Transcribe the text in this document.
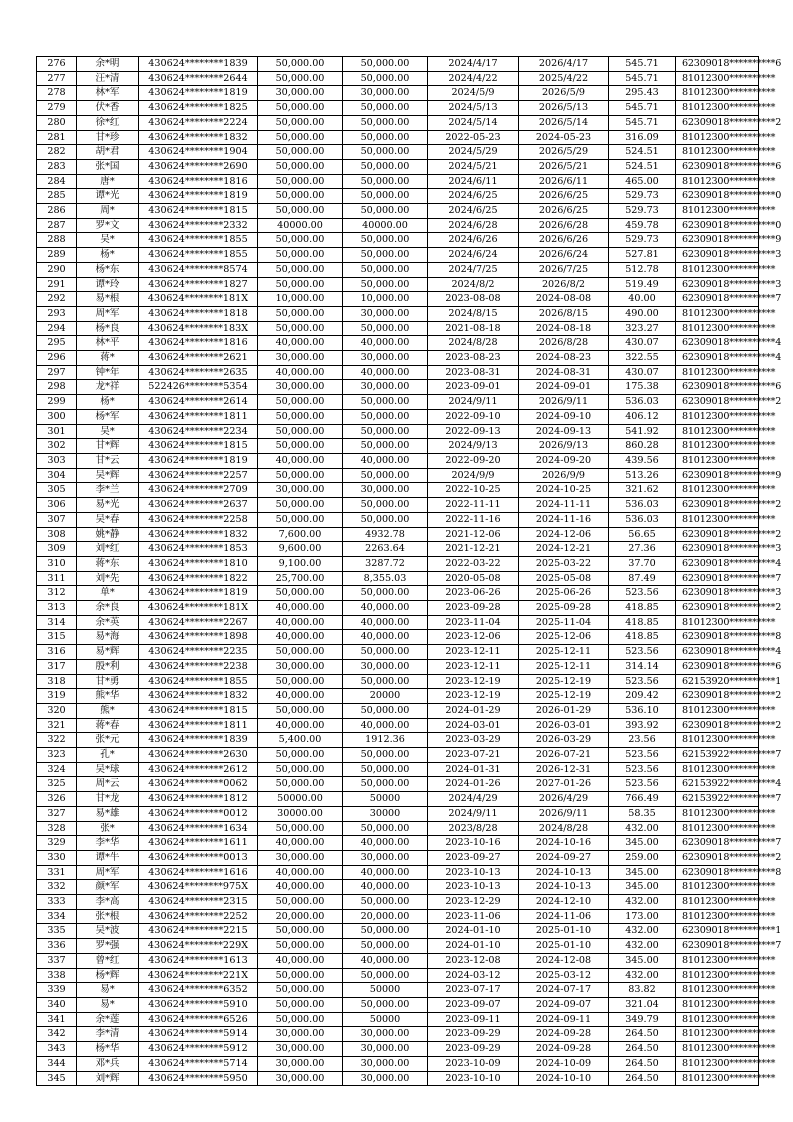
276	余*明	430624********1839	50,000.00	50,000.00	2024/4/17	2026/4/17	545.71	62309018**********6
277	汪*清	430624********2644	50,000.00	50,000.00	2024/4/22	2025/4/22	545.71	81012300**********
278	林*军	430624********1819	30,000.00	30,000.00	2024/5/9	2026/5/9	295.43	81012300**********
279	伏*香	430624********1825	50,000.00	50,000.00	2024/5/13	2026/5/13	545.71	81012300**********
280	徐*红	430624********2224	50,000.00	50,000.00	2024/5/14	2026/5/14	545.71	62309018**********2
281	甘*珍	430624********1832	50,000.00	50,000.00	2022-05-23	2024-05-23	316.09	81012300**********
282	胡*君	430624********1904	50,000.00	50,000.00	2024/5/29	2026/5/29	524.51	81012300**********
283	张*国	430624********2690	50,000.00	50,000.00	2024/5/21	2026/5/21	524.51	62309018**********6
284	唐*	430624********1816	50,000.00	50,000.00	2024/6/11	2026/6/11	465.00	81012300**********
285	谭*光	430624********1819	50,000.00	50,000.00	2024/6/25	2026/6/25	529.73	62309018**********0
286	周*	430624********1815	50,000.00	50,000.00	2024/6/25	2026/6/25	529.73	81012300**********
287	罗*文	430624********2332	40000.00	40000.00	2024/6/28	2026/6/28	459.78	62309018**********0
288	吴*	430624********1855	50,000.00	50,000.00	2024/6/26	2026/6/26	529.73	62309018**********9
289	杨*	430624********1855	50,000.00	50,000.00	2024/6/24	2026/6/24	527.81	62309018**********3
290	杨*东	430624********8574	50,000.00	50,000.00	2024/7/25	2026/7/25	512.78	81012300**********
291	谭*玲	430624********1827	50,000.00	50,000.00	2024/8/2	2026/8/2	519.49	62309018**********3
292	易*根	430624********181X	10,000.00	10,000.00	2023-08-08	2024-08-08	40.00	62309018**********7
293	周*军	430624********1818	50,000.00	30,000.00	2024/8/15	2026/8/15	490.00	81012300**********
294	杨*良	430624********183X	50,000.00	50,000.00	2021-08-18	2024-08-18	323.27	81012300**********
295	林*平	430624********1816	40,000.00	40,000.00	2024/8/28	2026/8/28	430.07	62309018**********4
296	蒋*	430624********2621	30,000.00	30,000.00	2023-08-23	2024-08-23	322.55	62309018**********4
297	钟*年	430624********2635	40,000.00	40,000.00	2023-08-31	2024-08-31	430.07	81012300**********
298	龙*祥	522426********5354	30,000.00	30,000.00	2023-09-01	2024-09-01	175.38	62309018**********6
299	杨*	430624********2614	50,000.00	50,000.00	2024/9/11	2026/9/11	536.03	62309018**********2
300	杨*军	430624********1811	50,000.00	50,000.00	2022-09-10	2024-09-10	406.12	81012300**********
301	吴*	430624********2234	50,000.00	50,000.00	2022-09-13	2024-09-13	541.92	81012300**********
302	甘*辉	430624********1815	50,000.00	50,000.00	2024/9/13	2026/9/13	860.28	81012300**********
303	甘*云	430624********1819	40,000.00	40,000.00	2022-09-20	2024-09-20	439.56	81012300**********
304	吴*辉	430624********2257	50,000.00	50,000.00	2024/9/9	2026/9/9	513.26	62309018**********9
305	李*兰	430624********2709	30,000.00	30,000.00	2022-10-25	2024-10-25	321.62	81012300**********
306	易*光	430624********2637	50,000.00	50,000.00	2022-11-11	2024-11-11	536.03	62309018**********2
307	吴*春	430624********2258	50,000.00	50,000.00	2022-11-16	2024-11-16	536.03	81012300**********
308	姚*静	430624********1832	7,600.00	4932.78	2021-12-06	2024-12-06	56.65	62309018**********2
309	刘*红	430624********1853	9,600.00	2263.64	2021-12-21	2024-12-21	27.36	62309018**********3
310	蒋*东	430624********1810	9,100.00	3287.72	2022-03-22	2025-03-22	37.70	62309018**********4
311	刘*先	430624********1822	25,700.00	8,355.03	2020-05-08	2025-05-08	87.49	62309018**********7
312	单*	430624********1819	50,000.00	50,000.00	2023-06-26	2025-06-26	523.56	62309018**********3
313	余*良	430624********181X	40,000.00	40,000.00	2023-09-28	2025-09-28	418.85	62309018**********2
314	余*英	430624********2267	40,000.00	40,000.00	2023-11-04	2025-11-04	418.85	81012300**********
315	易*海	430624********1898	40,000.00	40,000.00	2023-12-06	2025-12-06	418.85	62309018**********8
316	易*辉	430624********2235	50,000.00	50,000.00	2023-12-11	2025-12-11	523.56	62309018**********4
317	殷*利	430624********2238	30,000.00	30,000.00	2023-12-11	2025-12-11	314.14	62309018**********6
318	甘*勇	430624********1855	50,000.00	50,000.00	2023-12-19	2025-12-19	523.56	62153920**********1
319	熊*华	430624********1832	40,000.00	20000	2023-12-19	2025-12-19	209.42	62309018**********2
320	熊*	430624********1815	50,000.00	50,000.00	2024-01-29	2026-01-29	536.10	81012300**********
321	蒋*春	430624********1811	40,000.00	40,000.00	2024-03-01	2026-03-01	393.92	62309018**********2
322	张*元	430624********1839	5,400.00	1912.36	2023-03-29	2026-03-29	23.56	81012300**********
323	孔*	430624********2630	50,000.00	50,000.00	2023-07-21	2026-07-21	523.56	62153922**********7
324	吴*球	430624********2612	50,000.00	50,000.00	2024-01-31	2026-12-31	523.56	81012300**********
325	周*云	430624********0062	50,000.00	50,000.00	2024-01-26	2027-01-26	523.56	62153922**********4
326	甘*龙	430624********1812	50000.00	50000	2024/4/29	2026/4/29	766.49	62153922**********7
327	易*雄	430624********0012	30000.00	30000	2024/9/11	2026/9/11	58.35	81012300**********
328	张*	430624********1634	50,000.00	50,000.00	2023/8/28	2024/8/28	432.00	81012300**********
329	李*华	430624********1611	40,000.00	40,000.00	2023-10-16	2024-10-16	345.00	62309018**********7
330	谭*牛	430624********0013	30,000.00	30,000.00	2023-09-27	2024-09-27	259.00	62309018**********2
331	周*军	430624********1616	40,000.00	40,000.00	2023-10-13	2024-10-13	345.00	62309018**********8
332	颜*军	430624********975X	40,000.00	40,000.00	2023-10-13	2024-10-13	345.00	81012300**********
333	李*高	430624********2315	50,000.00	50,000.00	2023-12-29	2024-12-10	432.00	81012300**********
334	张*根	430624********2252	20,000.00	20,000.00	2023-11-06	2024-11-06	173.00	81012300**********
335	吴*波	430624********2215	50,000.00	50,000.00	2024-01-10	2025-01-10	432.00	62309018**********1
336	罗*强	430624********229X	50,000.00	50,000.00	2024-01-10	2025-01-10	432.00	62309018**********7
337	曾*红	430624********1613	40,000.00	40,000.00	2023-12-08	2024-12-08	345.00	81012300**********
338	杨*辉	430624********221X	50,000.00	50,000.00	2024-03-12	2025-03-12	432.00	81012300**********
339	易*	430624********6352	50,000.00	50000	2023-07-17	2024-07-17	83.82	81012300**********
340	易*	430624********5910	50,000.00	50,000.00	2023-09-07	2024-09-07	321.04	81012300**********
341	余*莲	430624********6526	50,000.00	50000	2023-09-11	2024-09-11	349.79	81012300**********
342	李*清	430624********5914	30,000.00	30,000.00	2023-09-29	2024-09-28	264.50	81012300**********
343	杨*华	430624********5912	30,000.00	30,000.00	2023-09-29	2024-09-28	264.50	81012300**********
344	邓*兵	430624********5714	30,000.00	30,000.00	2023-10-09	2024-10-09	264.50	81012300**********
345	刘*辉	430624********5950	30,000.00	30,000.00	2023-10-10	2024-10-10	264.50	81012300**********
